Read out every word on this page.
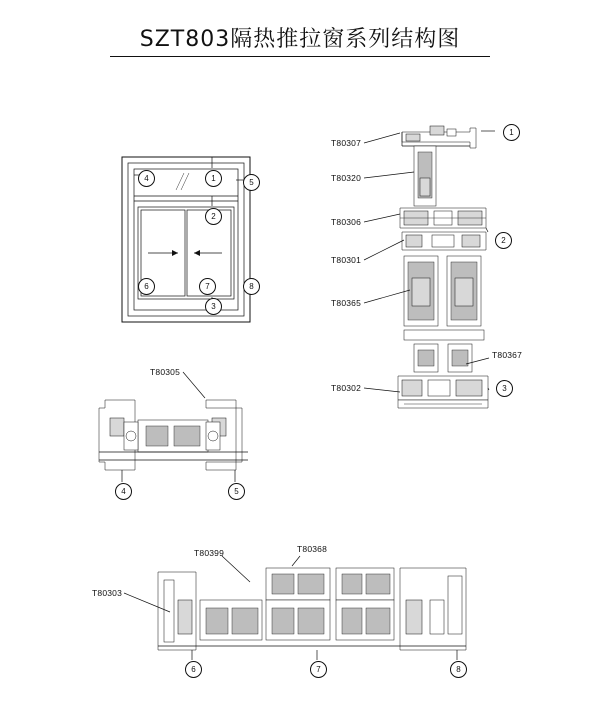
SZT803隔热推拉窗系列结构图
T80307
T80320
T80306
T80301
T80365
T80367
T80302
T80305
T80399	T80368
T80303
1
2
3
4	5
6	7	8
1
2
3
4	5
6	7	8
